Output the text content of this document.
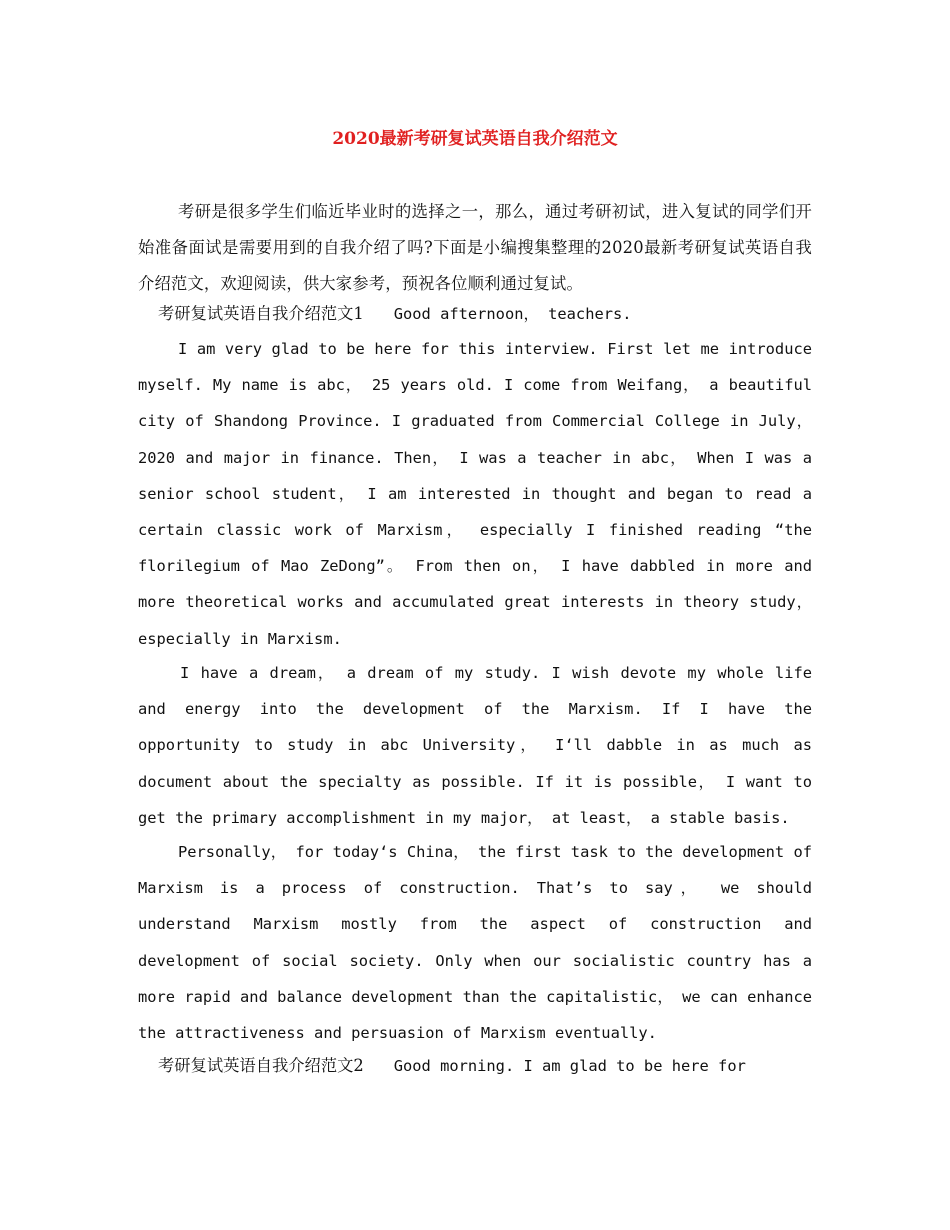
2020最新考研复试英语自我介绍范文

考研是很多学生们临近毕业时的选择之一，那么，通过考研初试，进入复试的同学们开始准备面试是需要用到的自我介绍了吗?下面是小编搜集整理的2020最新考研复试英语自我介绍范文，欢迎阅读，供大家参考，预祝各位顺利通过复试。

考研复试英语自我介绍范文1 Good afternoon， teachers.

I am very glad to be here for this interview. First let me introduce myself. My name is abc， 25 years old. I come from Weifang， a beautiful city of Shandong Province. I graduated from Commercial College in July， 2020 and major in finance. Then， I was a teacher in abc， When I was a senior school student， I am interested in thought and began to read a certain classic work of Marxism， especially I finished reading “the florilegium of Mao ZeDong”。 From then on， I have dabbled in more and more theoretical works and accumulated great interests in theory study， especially in Marxism.

I have a dream， a dream of my study. I wish devote my whole life and energy into the development of the Marxism. If I have the opportunity to study in abc University， I‘ll dabble in as much as document about the specialty as possible. If it is possible， I want to get the primary accomplishment in my major， at least， a stable basis.

Personally， for today‘s China， the first task to the development of Marxism is a process of construction. That’s to say， we should understand Marxism mostly from the aspect of construction and development of social society. Only when our socialistic country has a more rapid and balance development than the capitalistic， we can enhance the attractiveness and persuasion of Marxism eventually.

考研复试英语自我介绍范文2 Good morning. I am glad to be here for
